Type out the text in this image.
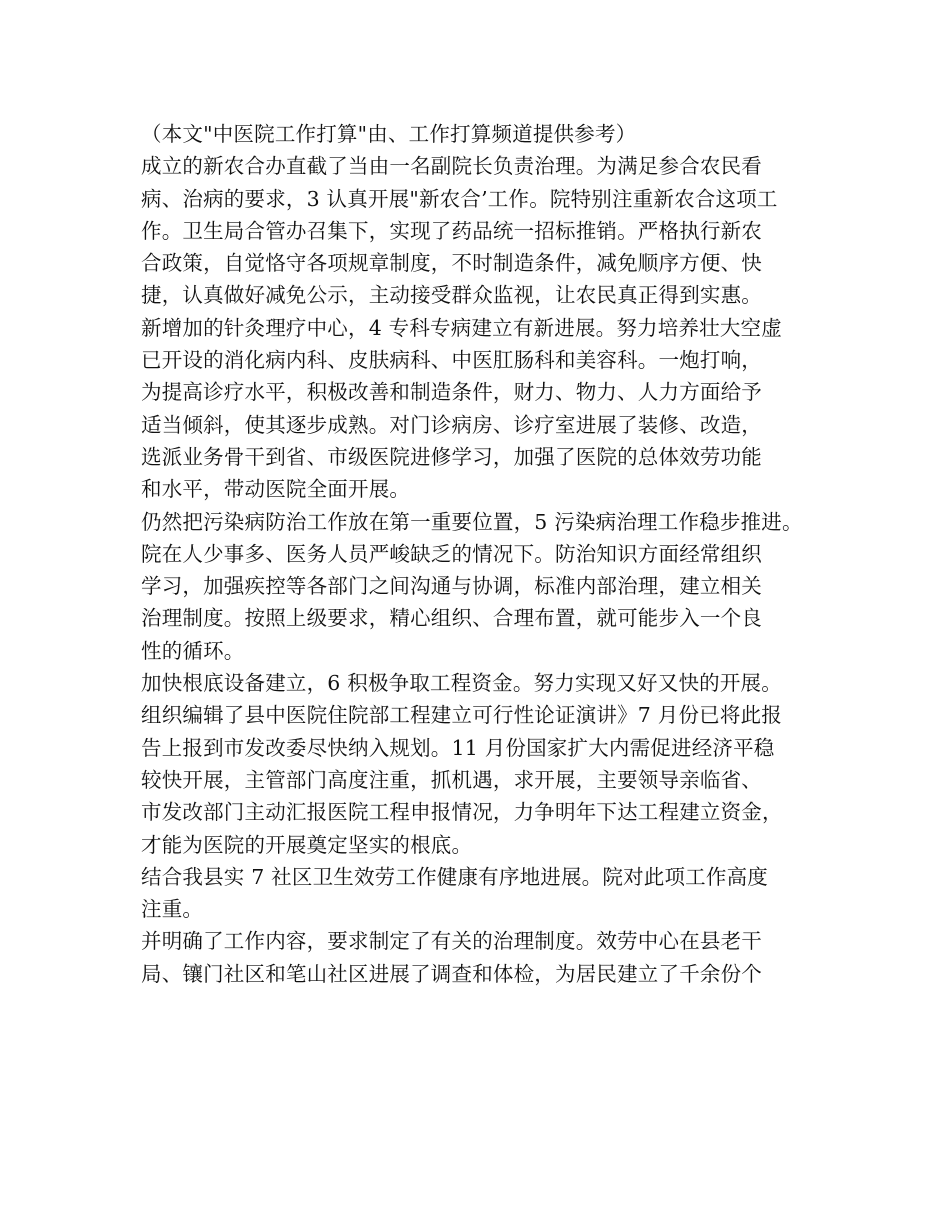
（本文"中医院工作打算"由、工作打算频道提供参考）
成立的新农合办直截了当由一名副院长负责治理。为满足参合农民看
病、治病的要求，3 认真开展"新农合’工作。院特别注重新农合这项工
作。卫生局合管办召集下，实现了药品统一招标推销。严格执行新农
合政策，自觉恪守各项规章制度，不时制造条件，减免顺序方便、快
捷，认真做好减免公示，主动接受群众监视，让农民真正得到实惠。
新增加的针灸理疗中心，4 专科专病建立有新进展。努力培养壮大空虚
已开设的消化病内科、皮肤病科、中医肛肠科和美容科。一炮打响，
为提高诊疗水平，积极改善和制造条件，财力、物力、人力方面给予
适当倾斜，使其逐步成熟。对门诊病房、诊疗室进展了装修、改造，
选派业务骨干到省、市级医院进修学习，加强了医院的总体效劳功能
和水平，带动医院全面开展。
仍然把污染病防治工作放在第一重要位置，5 污染病治理工作稳步推进。
院在人少事多、医务人员严峻缺乏的情况下。防治知识方面经常组织
学习，加强疾控等各部门之间沟通与协调，标准内部治理，建立相关
治理制度。按照上级要求，精心组织、合理布置，就可能步入一个良
性的循环。
加快根底设备建立，6 积极争取工程资金。努力实现又好又快的开展。
组织编辑了县中医院住院部工程建立可行性论证演讲》7 月份已将此报
告上报到市发改委尽快纳入规划。11 月份国家扩大内需促进经济平稳
较快开展，主管部门高度注重，抓机遇，求开展，主要领导亲临省、
市发改部门主动汇报医院工程申报情况，力争明年下达工程建立资金，
才能为医院的开展奠定坚实的根底。
结合我县实 7 社区卫生效劳工作健康有序地进展。院对此项工作高度
注重。
并明确了工作内容，要求制定了有关的治理制度。效劳中心在县老干
局、镶门社区和笔山社区进展了调查和体检，为居民建立了千余份个
